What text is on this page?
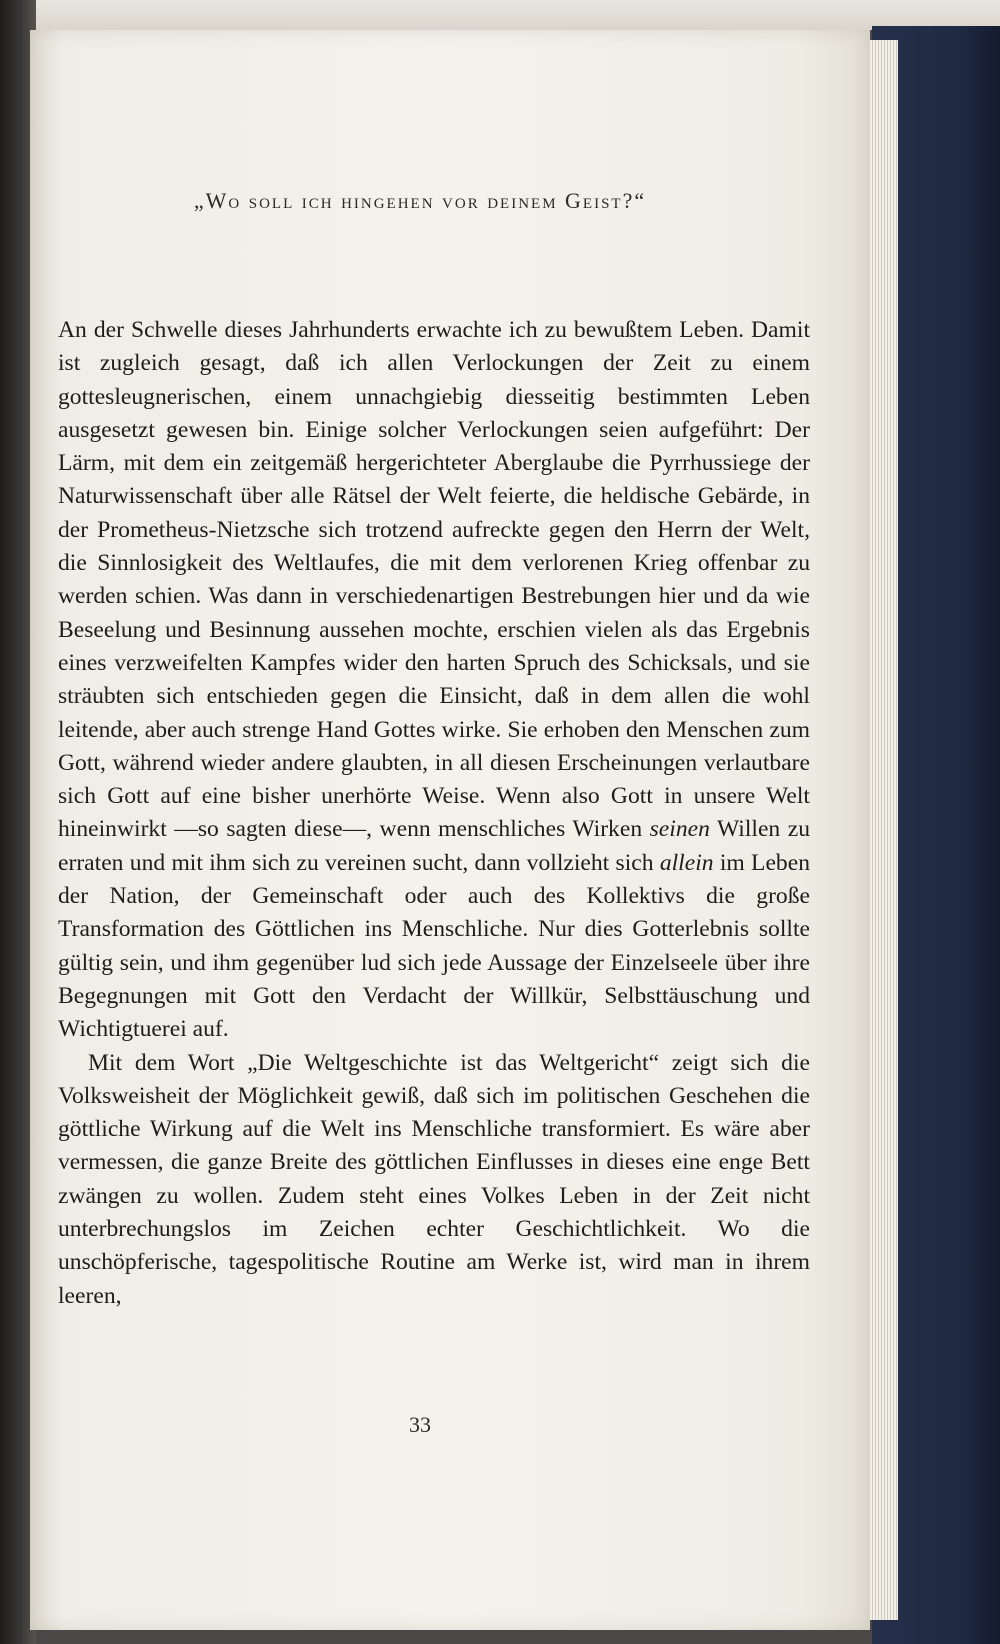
„Wo soll ich hingehen vor deinem Geist?“

An der Schwelle dieses Jahrhunderts erwachte ich zu bewußtem Leben. Damit ist zugleich gesagt, daß ich allen Verlockungen der Zeit zu einem gottesleugnerischen, einem unnachgiebig diesseitig bestimmten Leben ausgesetzt gewesen bin. Einige solcher Verlockungen seien aufgeführt: Der Lärm, mit dem ein zeitgemäß hergerichteter Aberglaube die Pyrrhussiege der Naturwissenschaft über alle Rätsel der Welt feierte, die heldische Gebärde, in der Prometheus-Nietzsche sich trotzend aufreckte gegen den Herrn der Welt, die Sinnlosigkeit des Weltlaufes, die mit dem verlorenen Krieg offenbar zu werden schien. Was dann in verschiedenartigen Bestrebungen hier und da wie Beseelung und Besinnung aussehen mochte, erschien vielen als das Ergebnis eines verzweifelten Kampfes wider den harten Spruch des Schicksals, und sie sträubten sich entschieden gegen die Einsicht, daß in dem allen die wohl leitende, aber auch strenge Hand Gottes wirke. Sie erhoben den Menschen zum Gott, während wieder andere glaubten, in all diesen Erscheinungen verlautbare sich Gott auf eine bisher unerhörte Weise. Wenn also Gott in unsere Welt hineinwirkt —so sagten diese—, wenn menschliches Wirken seinen Willen zu erraten und mit ihm sich zu vereinen sucht, dann vollzieht sich allein im Leben der Nation, der Gemeinschaft oder auch des Kollektivs die große Transformation des Göttlichen ins Menschliche. Nur dies Gotterlebnis sollte gültig sein, und ihm gegenüber lud sich jede Aussage der Einzelseele über ihre Begegnungen mit Gott den Verdacht der Willkür, Selbsttäuschung und Wichtigtuerei auf.

Mit dem Wort „Die Weltgeschichte ist das Weltgericht“ zeigt sich die Volksweisheit der Möglichkeit gewiß, daß sich im politischen Geschehen die göttliche Wirkung auf die Welt ins Menschliche transformiert. Es wäre aber vermessen, die ganze Breite des göttlichen Einflusses in dieses eine enge Bett zwängen zu wollen. Zudem steht eines Volkes Leben in der Zeit nicht unterbrechungslos im Zeichen echter Geschichtlichkeit. Wo die unschöpferische, tagespolitische Routine am Werke ist, wird man in ihrem leeren,

33
